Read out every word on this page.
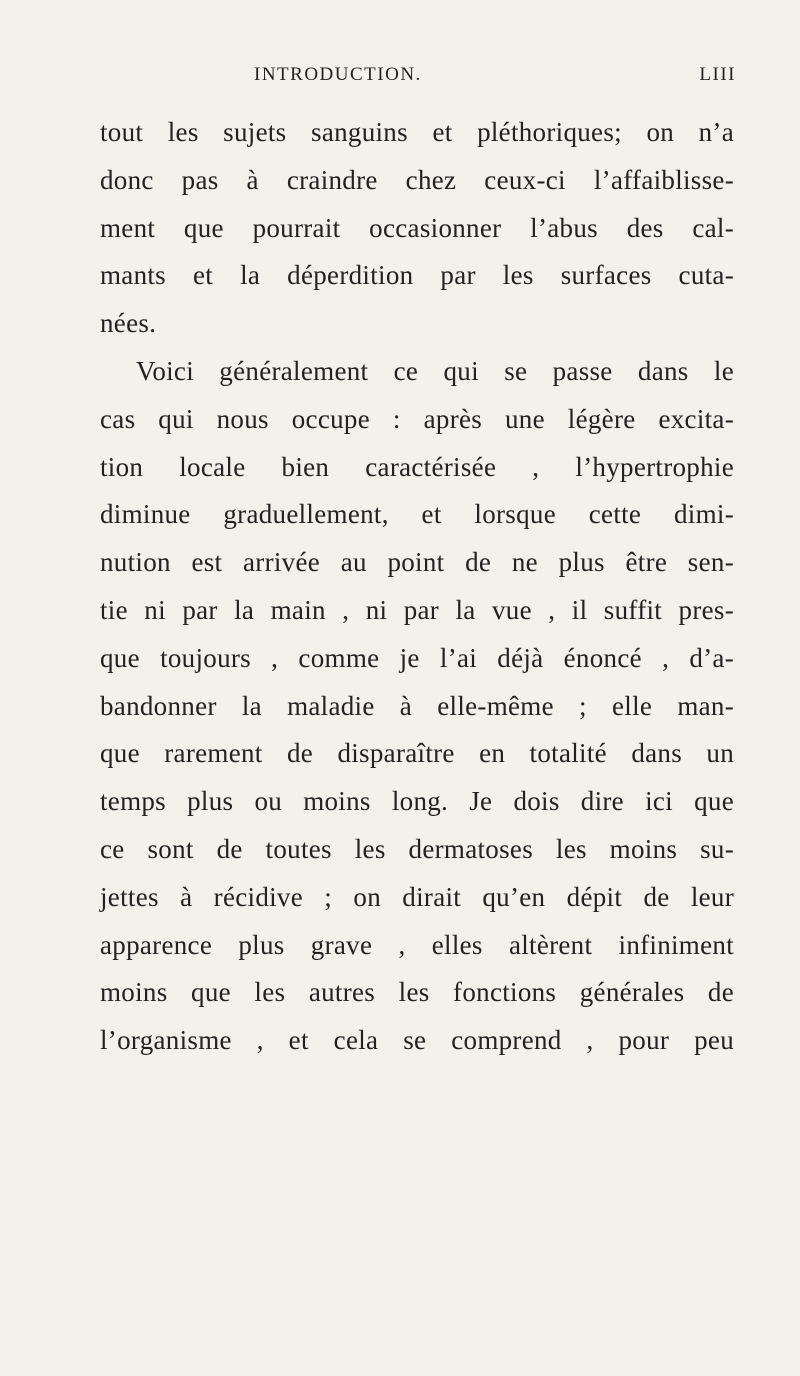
INTRODUCTION.	LIII
tout les sujets sanguins et pléthoriques; on n’a
donc pas à craindre chez ceux-ci l’affaiblisse-
ment que pourrait occasionner l’abus des cal-
mants et la déperdition par les surfaces cuta-
nées.
Voici généralement ce qui se passe dans le
cas qui nous occupe : après une légère excita-
tion locale bien caractérisée , l’hypertrophie
diminue graduellement, et lorsque cette dimi-
nution est arrivée au point de ne plus être sen-
tie ni par la main , ni par la vue , il suffit pres-
que toujours , comme je l’ai déjà énoncé , d’a-
bandonner la maladie à elle-même ; elle man-
que rarement de disparaître en totalité dans un
temps plus ou moins long. Je dois dire ici que
ce sont de toutes les dermatoses les moins su-
jettes à récidive ; on dirait qu’en dépit de leur
apparence plus grave , elles altèrent infiniment
moins que les autres les fonctions générales de
l’organisme , et cela se comprend , pour peu
